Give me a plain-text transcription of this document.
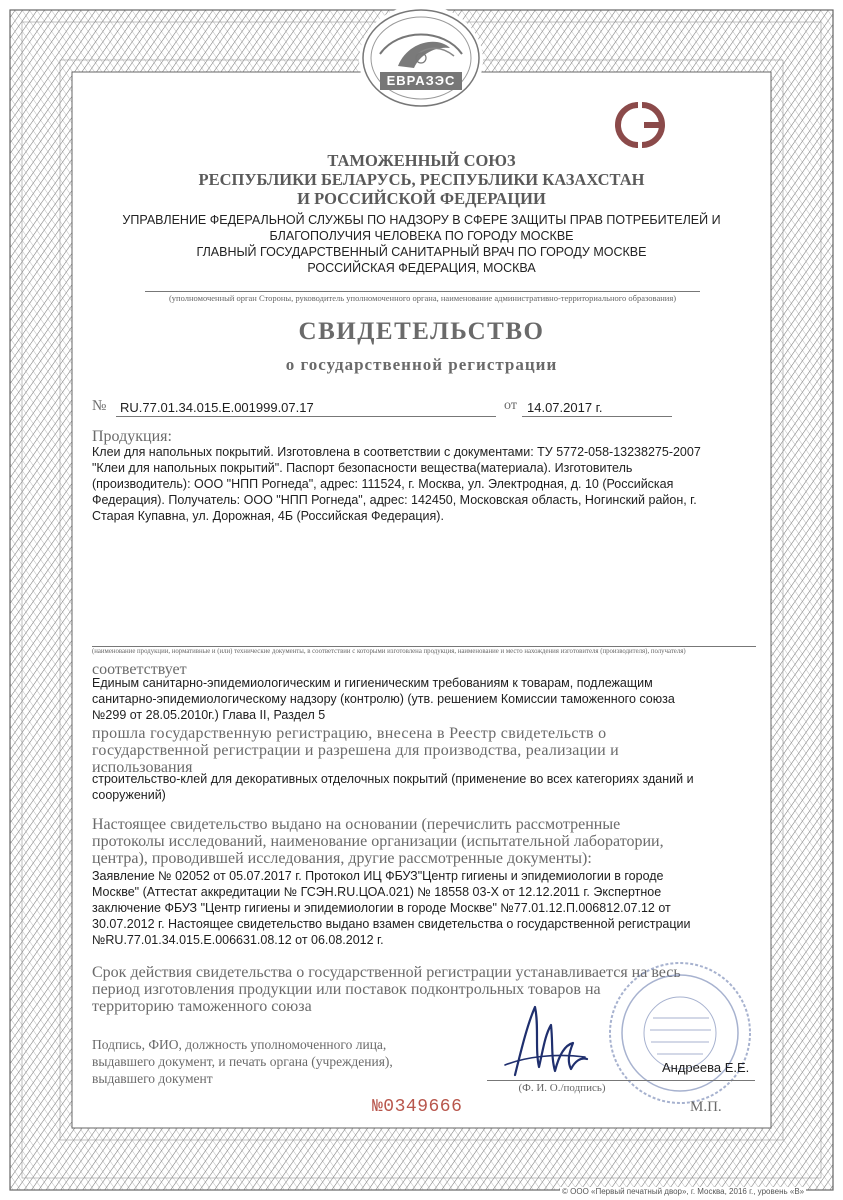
ЕВРАЗЭС
ТАМОЖЕННЫЙ СОЮЗ
РЕСПУБЛИКИ БЕЛАРУСЬ, РЕСПУБЛИКИ КАЗАХСТАН
И РОССИЙСКОЙ ФЕДЕРАЦИИ
УПРАВЛЕНИЕ ФЕДЕРАЛЬНОЙ СЛУЖБЫ ПО НАДЗОРУ В СФЕРЕ ЗАЩИТЫ ПРАВ ПОТРЕБИТЕЛЕЙ И
БЛАГОПОЛУЧИЯ ЧЕЛОВЕКА ПО ГОРОДУ МОСКВЕ
ГЛАВНЫЙ ГОСУДАРСТВЕННЫЙ САНИТАРНЫЙ ВРАЧ ПО ГОРОДУ МОСКВЕ
РОССИЙСКАЯ ФЕДЕРАЦИЯ, МОСКВА
(уполномоченный орган Стороны, руководитель уполномоченного органа, наименование административно-территориального образования)
СВИДЕТЕЛЬСТВО
о государственной регистрации
№ RU.77.01.34.015.E.001999.07.17	от 14.07.2017 г.
Продукция:
Клеи для напольных покрытий. Изготовлена в соответствии с документами: ТУ 5772-058-13238275-2007
"Клеи для напольных покрытий". Паспорт безопасности вещества(материала). Изготовитель
(производитель): ООО "НПП Рогнеда", адрес: 111524, г. Москва, ул. Электродная, д. 10 (Российская
Федерация). Получатель: ООО "НПП Рогнеда", адрес: 142450, Московская область, Ногинский район, г.
Старая Купавна, ул. Дорожная, 4Б (Российская Федерация).
(наименование продукции, нормативные и (или) технические документы, в соответствии с которыми изготовлена продукция, наименование и место нахождения изготовителя (производителя), получателя)
соответствует
Единым санитарно-эпидемиологическим и гигиеническим требованиям к товарам, подлежащим
санитарно-эпидемиологическому надзору (контролю) (утв. решением Комиссии таможенного союза
№299 от 28.05.2010г.) Глава II, Раздел 5
прошла государственную регистрацию, внесена в Реестр свидетельств о
государственной регистрации и разрешена для производства, реализации и
использования
строительство-клей для декоративных отделочных покрытий (применение во всех категориях зданий и
сооружений)
Настоящее свидетельство выдано на основании (перечислить рассмотренные
протоколы исследований, наименование организации (испытательной лаборатории,
центра), проводившей исследования, другие рассмотренные документы):
Заявление № 02052 от 05.07.2017 г. Протокол ИЦ ФБУЗ"Центр гигиены и эпидемиологии в городе
Москве" (Аттестат аккредитации № ГСЭН.RU.ЦОА.021) № 18558 03-Х от 12.12.2011 г. Экспертное
заключение ФБУЗ "Центр гигиены и эпидемиологии в городе Москве" №77.01.12.П.006812.07.12 от
30.07.2012 г. Настоящее свидетельство выдано взамен свидетельства о государственной регистрации
№RU.77.01.34.015.Е.006631.08.12 от 06.08.2012 г.
Срок действия свидетельства о государственной регистрации устанавливается на весь
период изготовления продукции или поставок подконтрольных товаров на
территорию таможенного союза
Подпись, ФИО, должность уполномоченного лица,
выдавшего документ, и печать органа (учреждения),
выдавшего документ
Андреева Е.Е.
(Ф. И. О./подпись)
№0349666	М.П.
© ООО «Первый печатный двор», г. Москва, 2016 г., уровень «В»
